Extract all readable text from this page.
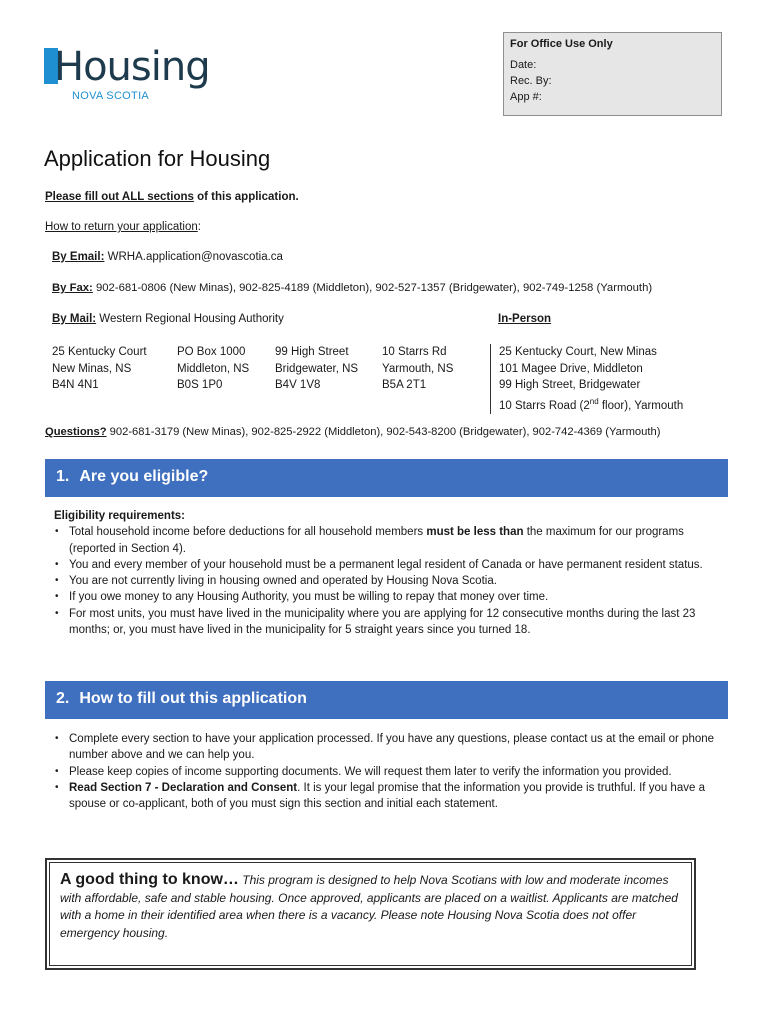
Housing
NOVA SCOTIA
For Office Use Only
Date:
Rec. By:
App #:
Application for Housing
Please fill out ALL sections of this application.
How to return your application:
By Email: WRHA.application@novascotia.ca
By Fax: 902-681-0806 (New Minas), 902-825-4189 (Middleton), 902-527-1357 (Bridgewater), 902-749-1258 (Yarmouth)
By Mail: Western Regional Housing Authority	In-Person
25 Kentucky Court
New Minas, NS
B4N 4N1
PO Box 1000
Middleton, NS
B0S 1P0
99 High Street
Bridgewater, NS
B4V 1V8
10 Starrs Rd
Yarmouth, NS
B5A 2T1
25 Kentucky Court, New Minas
101 Magee Drive, Middleton
99 High Street, Bridgewater
10 Starrs Road (2nd floor), Yarmouth
Questions? 902-681-3179 (New Minas), 902-825-2922 (Middleton), 902-543-8200 (Bridgewater), 902-742-4369 (Yarmouth)
1. Are you eligible?
Eligibility requirements:
• Total household income before deductions for all household members must be less than the maximum for our programs (reported in Section 4).
• You and every member of your household must be a permanent legal resident of Canada or have permanent resident status.
• You are not currently living in housing owned and operated by Housing Nova Scotia.
• If you owe money to any Housing Authority, you must be willing to repay that money over time.
• For most units, you must have lived in the municipality where you are applying for 12 consecutive months during the last 23 months; or, you must have lived in the municipality for 5 straight years since you turned 18.
2. How to fill out this application
• Complete every section to have your application processed. If you have any questions, please contact us at the email or phone number above and we can help you.
• Please keep copies of income supporting documents. We will request them later to verify the information you provided.
• Read Section 7 - Declaration and Consent. It is your legal promise that the information you provide is truthful. If you have a spouse or co-applicant, both of you must sign this section and initial each statement.
A good thing to know… This program is designed to help Nova Scotians with low and moderate incomes with affordable, safe and stable housing. Once approved, applicants are placed on a waitlist. Applicants are matched with a home in their identified area when there is a vacancy. Please note Housing Nova Scotia does not offer emergency housing.
